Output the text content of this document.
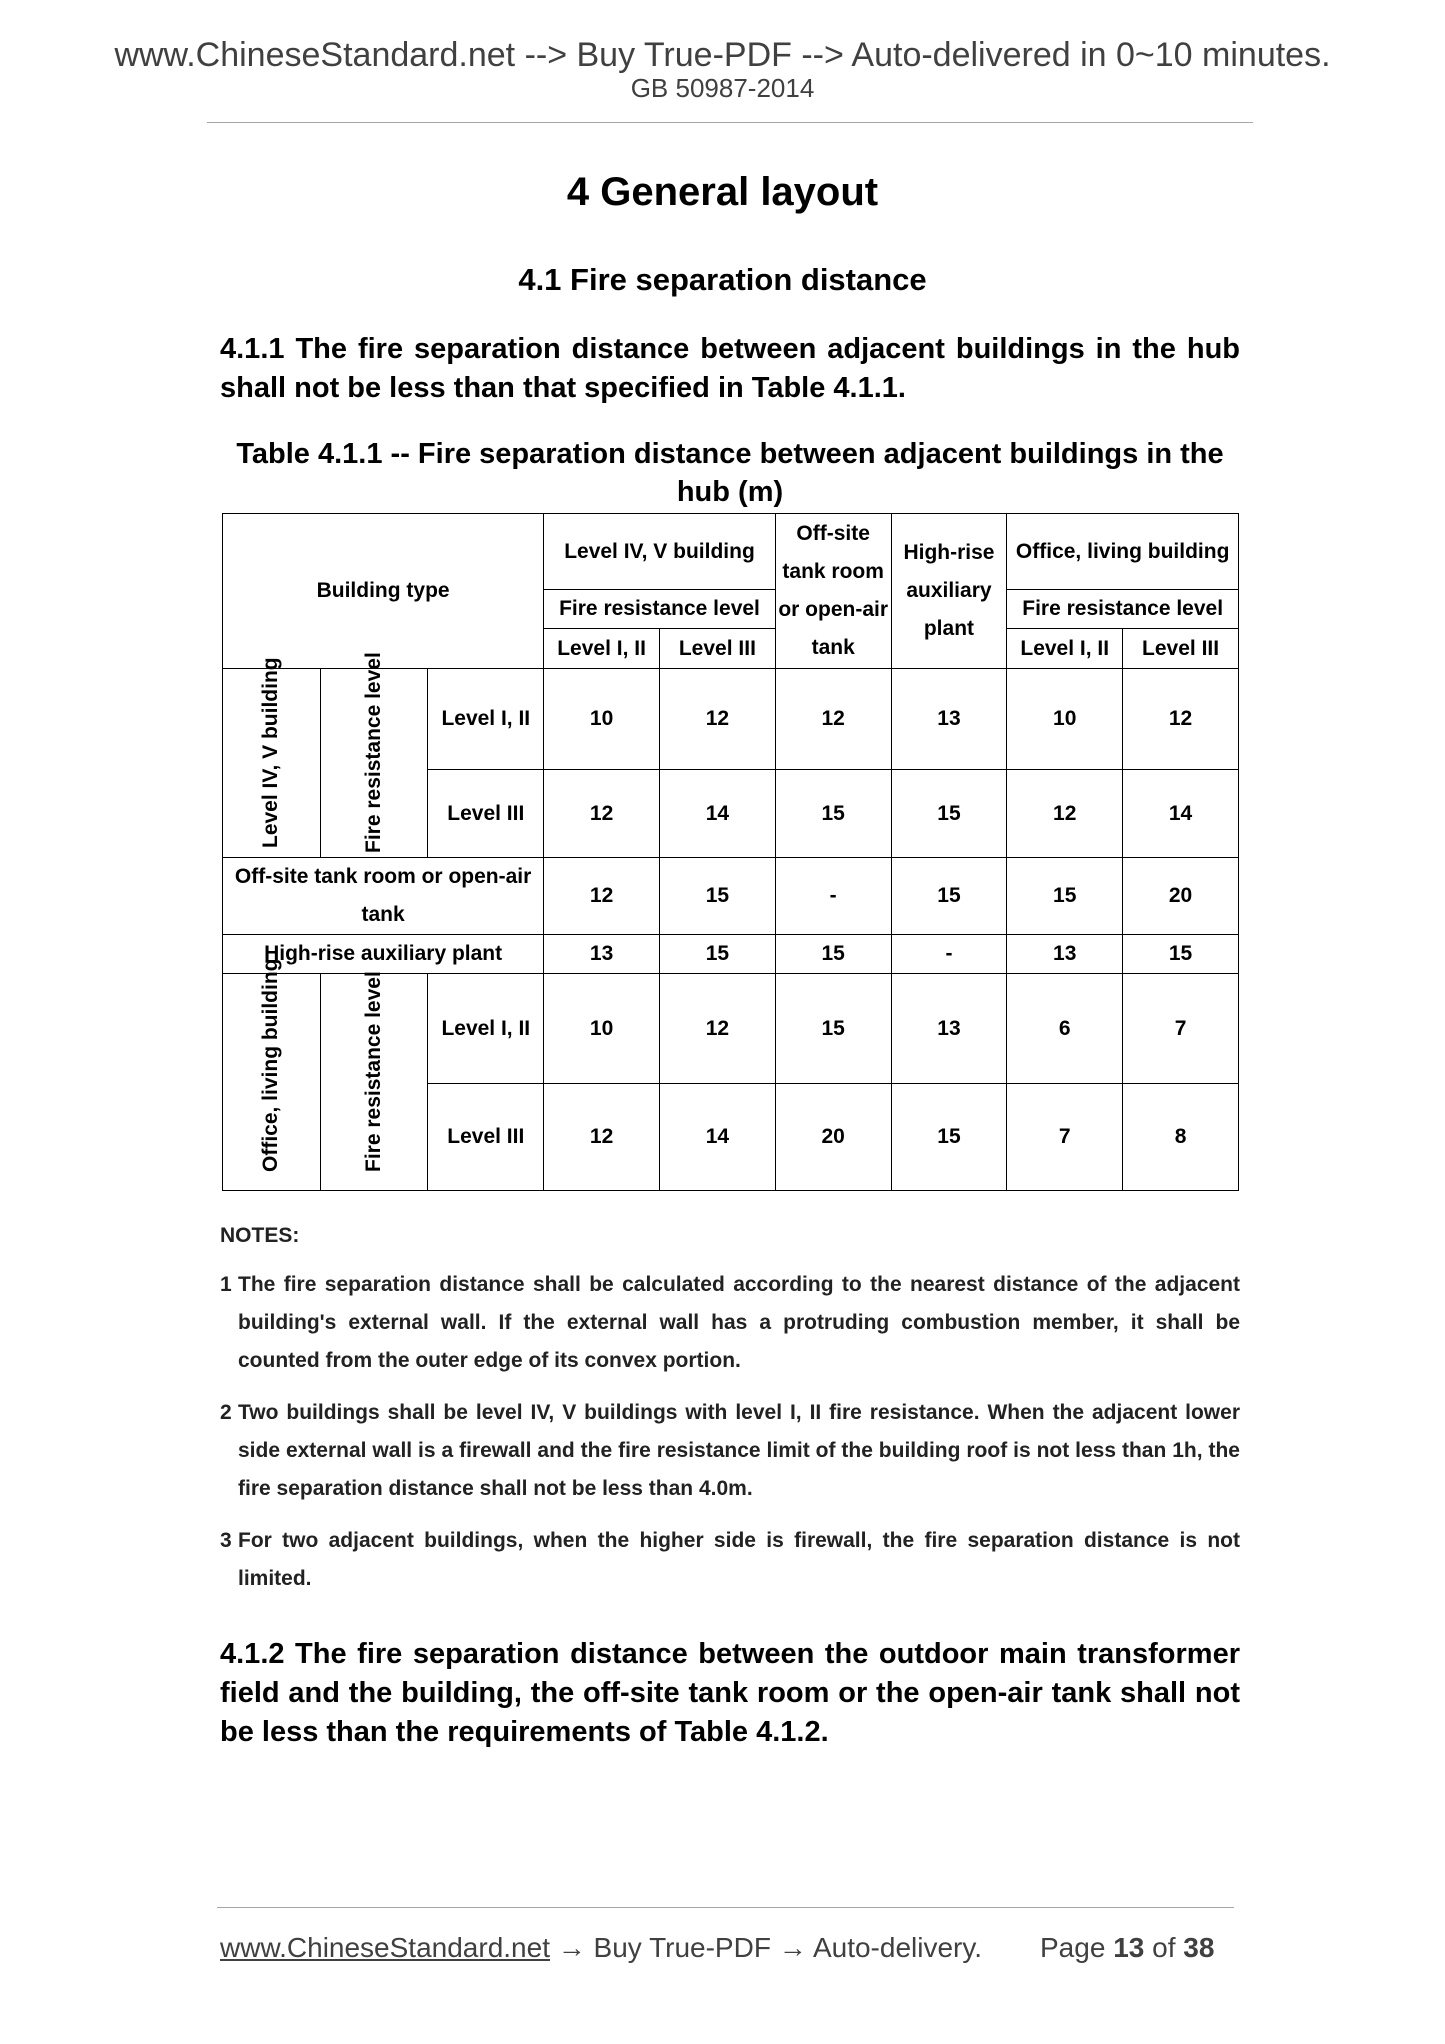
www.ChineseStandard.net --> Buy True-PDF --> Auto-delivered in 0~10 minutes.
GB 50987-2014
4 General layout
4.1 Fire separation distance
4.1.1 The fire separation distance between adjacent buildings in the hub shall not be less than that specified in Table 4.1.1.
Table 4.1.1 -- Fire separation distance between adjacent buildings in the hub (m)
Building type			Level IV, V building		Off-site tank room or open-air tank	High-rise auxiliary plant	Office, living building	
			Fire resistance level				Fire resistance level	
			Level I, II	Level III			Level I, II	Level III

Level IV, V building	Fire resistance level	Level I, II	10	12	12	13	10	12
		Level III	12	14	15	15	12	14
Off-site tank room or open-air tank			12	15	-	15	15	20
High-rise auxiliary plant			13	15	15	-	13	15

Office, living building	Fire resistance level	Level I, II	10	12	15	13	6	7
		Level III	12	14	20	15	7	8
NOTES:
1 The fire separation distance shall be calculated according to the nearest distance of the adjacent building's external wall. If the external wall has a protruding combustion member, it shall be counted from the outer edge of its convex portion.
2 Two buildings shall be level IV, V buildings with level I, II fire resistance. When the adjacent lower side external wall is a firewall and the fire resistance limit of the building roof is not less than 1h, the fire separation distance shall not be less than 4.0m.
3 For two adjacent buildings, when the higher side is firewall, the fire separation distance is not limited.
4.1.2 The fire separation distance between the outdoor main transformer field and the building, the off-site tank room or the open-air tank shall not be less than the requirements of Table 4.1.2.
www.ChineseStandard.net → Buy True-PDF → Auto-delivery. Page 13 of 38
